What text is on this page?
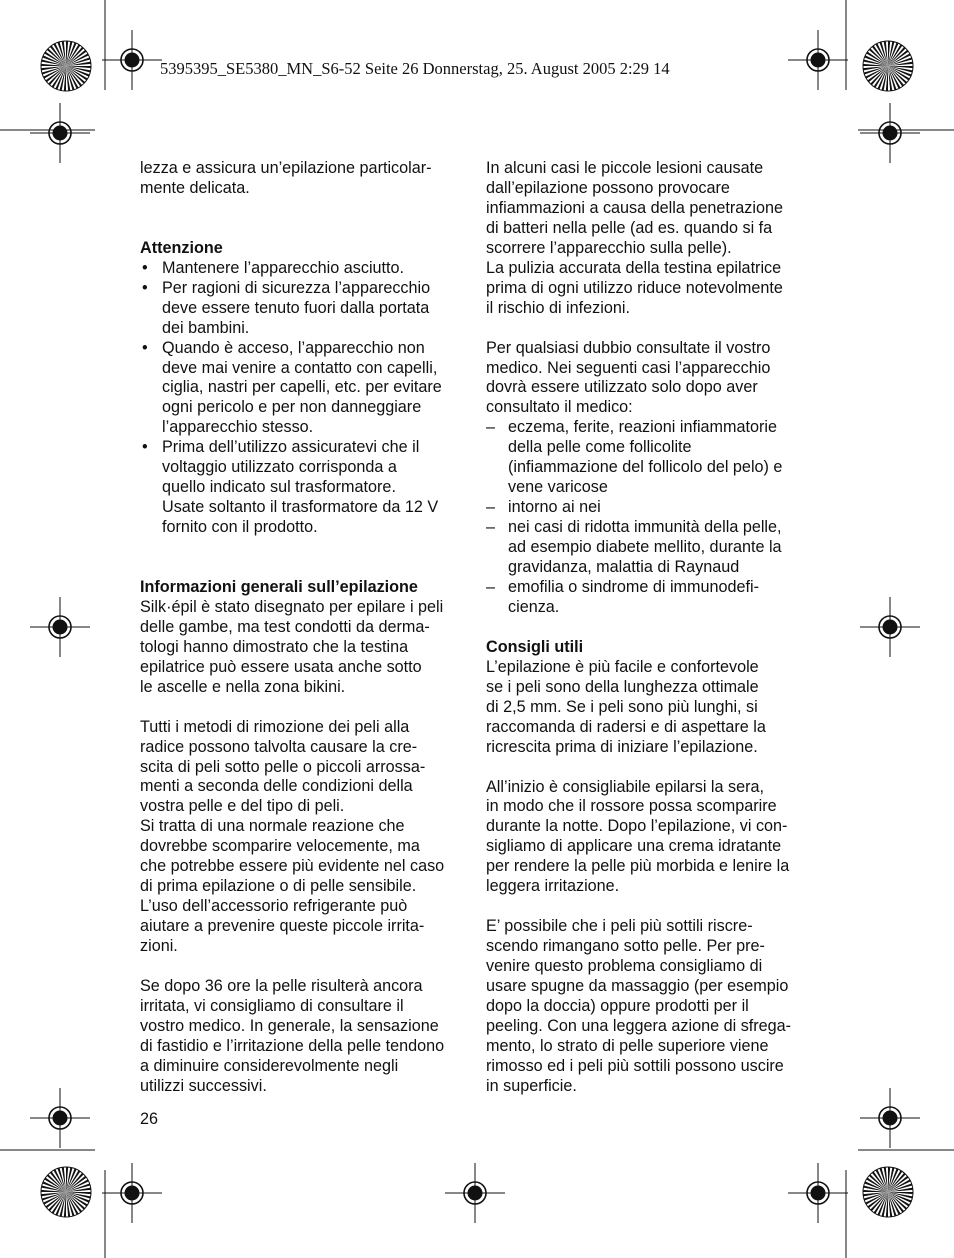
5395395_SE5380_MN_S6-52 Seite 26 Donnerstag, 25. August 2005 2:29 14

lezza e assicura un’epilazione particolar-
mente delicata.

Attenzione
• Mantenere l’apparecchio asciutto.
• Per ragioni di sicurezza l’apparecchio
deve essere tenuto fuori dalla portata
dei bambini.
• Quando è acceso, l’apparecchio non
deve mai venire a contatto con capelli,
ciglia, nastri per capelli, etc. per evitare
ogni pericolo e per non danneggiare
l’apparecchio stesso.
• Prima dell’utilizzo assicuratevi che il
voltaggio utilizzato corrisponda a
quello indicato sul trasformatore.
Usate soltanto il trasformatore da 12 V
fornito con il prodotto.
Informazioni generali sull’epilazione

Silk·épil è stato disegnato per epilare i peli
delle gambe, ma test condotti da derma-
tologi hanno dimostrato che la testina
epilatrice può essere usata anche sotto
le ascelle e nella zona bikini.

Tutti i metodi di rimozione dei peli alla
radice possono talvolta causare la cre-
scita di peli sotto pelle o piccoli arrossa-
menti a seconda delle condizioni della
vostra pelle e del tipo di peli.
Si tratta di una normale reazione che
dovrebbe scomparire velocemente, ma
che potrebbe essere più evidente nel caso
di prima epilazione o di pelle sensibile.
L’uso dell’accessorio refrigerante può
aiutare a prevenire queste piccole irrita-
zioni.

Se dopo 36 ore la pelle risulterà ancora
irritata, vi consigliamo di consultare il
vostro medico. In generale, la sensazione
di fastidio e l’irritazione della pelle tendono
a diminuire considerevolmente negli
utilizzi successivi.

In alcuni casi le piccole lesioni causate
dall’epilazione possono provocare
infiammazioni a causa della penetrazione
di batteri nella pelle (ad es. quando si fa
scorrere l’apparecchio sulla pelle).
La pulizia accurata della testina epilatrice
prima di ogni utilizzo riduce notevolmente
il rischio di infezioni.

Per qualsiasi dubbio consultate il vostro
medico. Nei seguenti casi l’apparecchio
dovrà essere utilizzato solo dopo aver
consultato il medico:

– eczema, ferite, reazioni infiammatorie
della pelle come follicolite
(infiammazione del follicolo del pelo) e
vene varicose
– intorno ai nei
– nei casi di ridotta immunità della pelle,
ad esempio diabete mellito, durante la
gravidanza, malattia di Raynaud
– emofilia o sindrome di immunodefi-
cienza.
Consigli utili

L’epilazione è più facile e confortevole
se i peli sono della lunghezza ottimale
di 2,5 mm. Se i peli sono più lunghi, si
raccomanda di radersi e di aspettare la
ricrescita prima di iniziare l’epilazione.

All’inizio è consigliabile epilarsi la sera,
in modo che il rossore possa scomparire
durante la notte. Dopo l’epilazione, vi con-
sigliamo di applicare una crema idratante
per rendere la pelle più morbida e lenire la
leggera irritazione.

E’ possibile che i peli più sottili riscre-
scendo rimangano sotto pelle. Per pre-
venire questo problema consigliamo di
usare spugne da massaggio (per esempio
dopo la doccia) oppure prodotti per il
peeling. Con una leggera azione di sfrega-
mento, lo strato di pelle superiore viene
rimosso ed i peli più sottili possono uscire
in superficie.

26
